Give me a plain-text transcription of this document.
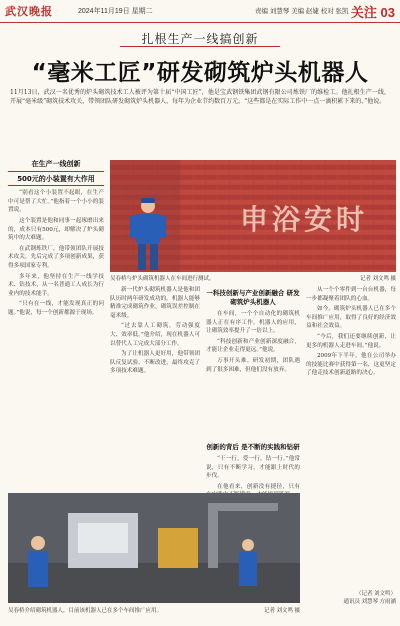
武汉晚报	2024年11月19日 星期二	责编 刘慧琴 美编 赵婕 校对 张凯 关注 03
扎根生产一线搞创新
“毫米工匠”研发砌筑炉头机器人
11月13日，武汉一名优秀的炉头砌筑技术工人被评为第十届“中国工匠”，他是宝武钢铁集团武钢有限公司炼铁厂的维检工。他扎根生产一线，开展“毫米级”砌筑技术攻关，带领团队研发砌筑炉头机器人，每年为企业节约数百万元。“这些都是在实际工作中一点一滴积累下来的，”他说。
在生产一线创新
500元的小装置有大作用

“别看这个小装置不起眼，在生产中可是帮了大忙。”他指着一个小小的装置说。

这个装置是他和同事一起琢磨出来的，成本只有500元，却解决了炉头砌筑中的大难题。

在武钢炼铁厂，他带领团队开展技术攻关，先后完成了多项创新成果，获得多项国家专利。

多年来，他坚持在生产一线学技术、钻技术，从一名普通工人成长为行业内的技术能手。

“只有在一线，才能发现真正的问题。”他说，每一个创新都源于现场。

申浴安时
吴春桥与炉头砌筑机器人在车间进行测试。	记者 刘文鸣 摄

新一代炉头砌筑机器人是他和团队历时两年研发成功的。机器人能够精准完成砌筑作业，砌筑误差控制在毫米级。

“过去靠人工砌筑，劳动强度大、效率低。”他介绍，现在机器人可以替代人工完成大部分工作。

为了让机器人更好用，他带领团队反复试验、不断改进，最终攻克了多项技术难题。

一科技创新与产业创新融合 研发砌筑炉头机器人

在车间，一个个自动化的砌筑机器人正在有序工作。机器人的应用，让砌筑效率提升了一倍以上。

“科技创新和产业创新深度融合，才能让企业走得更远。”他说。

万事开头难。研发初期，团队遇到了很多困难，但他们没有放弃。

从一个个零件到一台台机器，每一步都凝聚着团队的心血。

如今，砌筑炉头机器人已在多个车间推广应用，取得了良好的经济效益和社会效益。

“今后，我们还要继续创新，让更多的机器人走进车间。”他说。

2009年下半年，他在公司举办的技能比赛中获得第一名，这更坚定了他走技术创新道路的决心。

创新的背后 是不断的实践和钻研

“干一行，爱一行，钻一行。”他常说，只有不断学习，才能跟上时代的步伐。

在他看来，创新没有捷径，只有

吴春桥介绍砌筑机器人，目前该机器人已在多个车间推广应用。	记者 刘文鸣 摄
（记者 刘文鸣）
通讯员 刘慧琴 方雨涵
